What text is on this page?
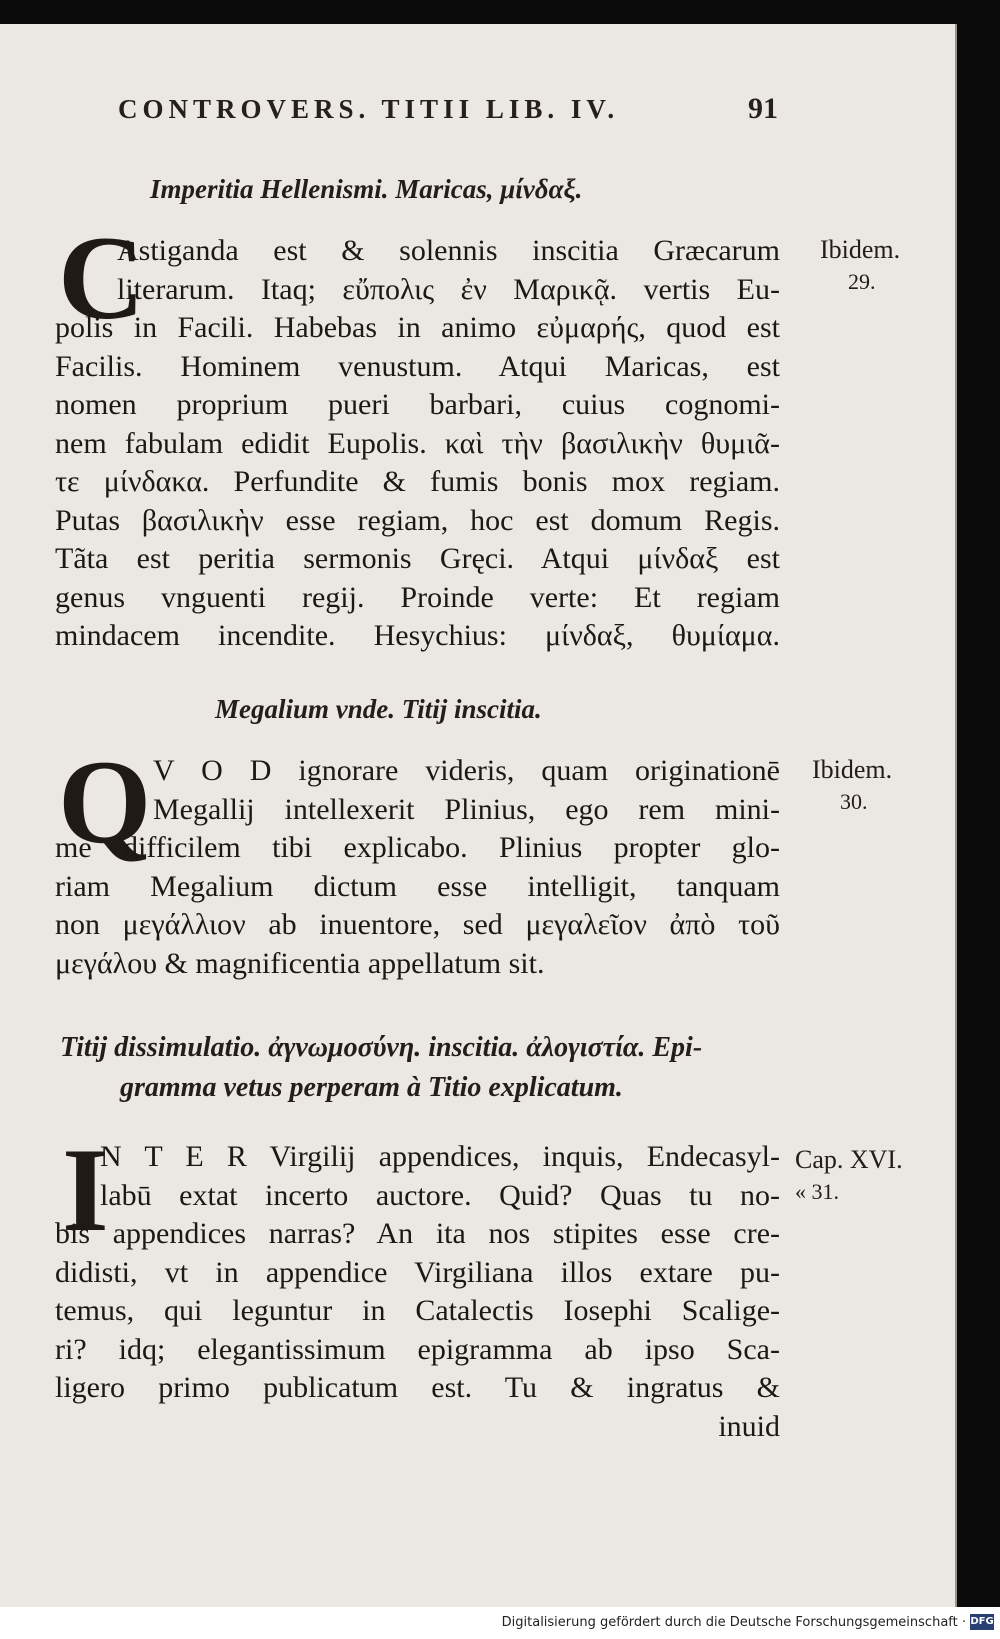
CONTROVERS. TITII LIB. IV.	91
Imperitia Hellenismi. Maricas, μίνδαξ.
C
Astiganda est & solennis inscitia Græcarum
literarum. Itaq; εὔπολις ἐν Μαρικᾷ. vertis Eu-
polis in Facili. Habebas in animo εὐμαρής, quod est
Facilis. Hominem venustum. Atqui Maricas, est
nomen proprium pueri barbari, cuius cognomi-
nem fabulam edidit Eupolis. καὶ τὴν βασιλικὴν θυμιᾶ-
τε μίνδακα. Perfundite & fumis bonis mox regiam.
Putas βασιλικὴν esse regiam, hoc est domum Regis.
Tãta est peritia sermonis Gręci. Atqui μίνδαξ est
genus vnguenti regij. Proinde verte: Et regiam
mindacem incendite. Hesychius: μίνδαξ, θυμίαμα.
Ibidem.
29.
Megalium vnde. Titij inscitia.
Q V O D ignorare videris, quam originationē
Megallij intellexerit Plinius, ego rem mini-
me difficilem tibi explicabo. Plinius propter glo-
riam Megalium dictum esse intelligit, tanquam
non μεγάλλιον ab inuentore, sed μεγαλεῖον ἀπὸ τοῦ
μεγάλου & magnificentia appellatum sit.
Ibidem.
30.
Titij dissimulatio. ἀγνωμοσύνη. inscitia. ἀλογιστία. Epi-
gramma vetus perperam à Titio explicatum.
I
N T E R Virgilij appendices, inquis, Endecasyl-
labū extat incerto auctore. Quid? Quas tu no-
bis appendices narras? An ita nos stipites esse cre-
didisti, vt in appendice Virgiliana illos extare pu-
temus, qui leguntur in Catalectis Iosephi Scalige-
ri? idq; elegantissimum epigramma ab ipso Sca-
ligero primo publicatum est. Tu & ingratus &
inuid
Cap. XVI.
« 31.
Digitalisierung gefördert durch die Deutsche Forschungsgemeinschaft · DFG
